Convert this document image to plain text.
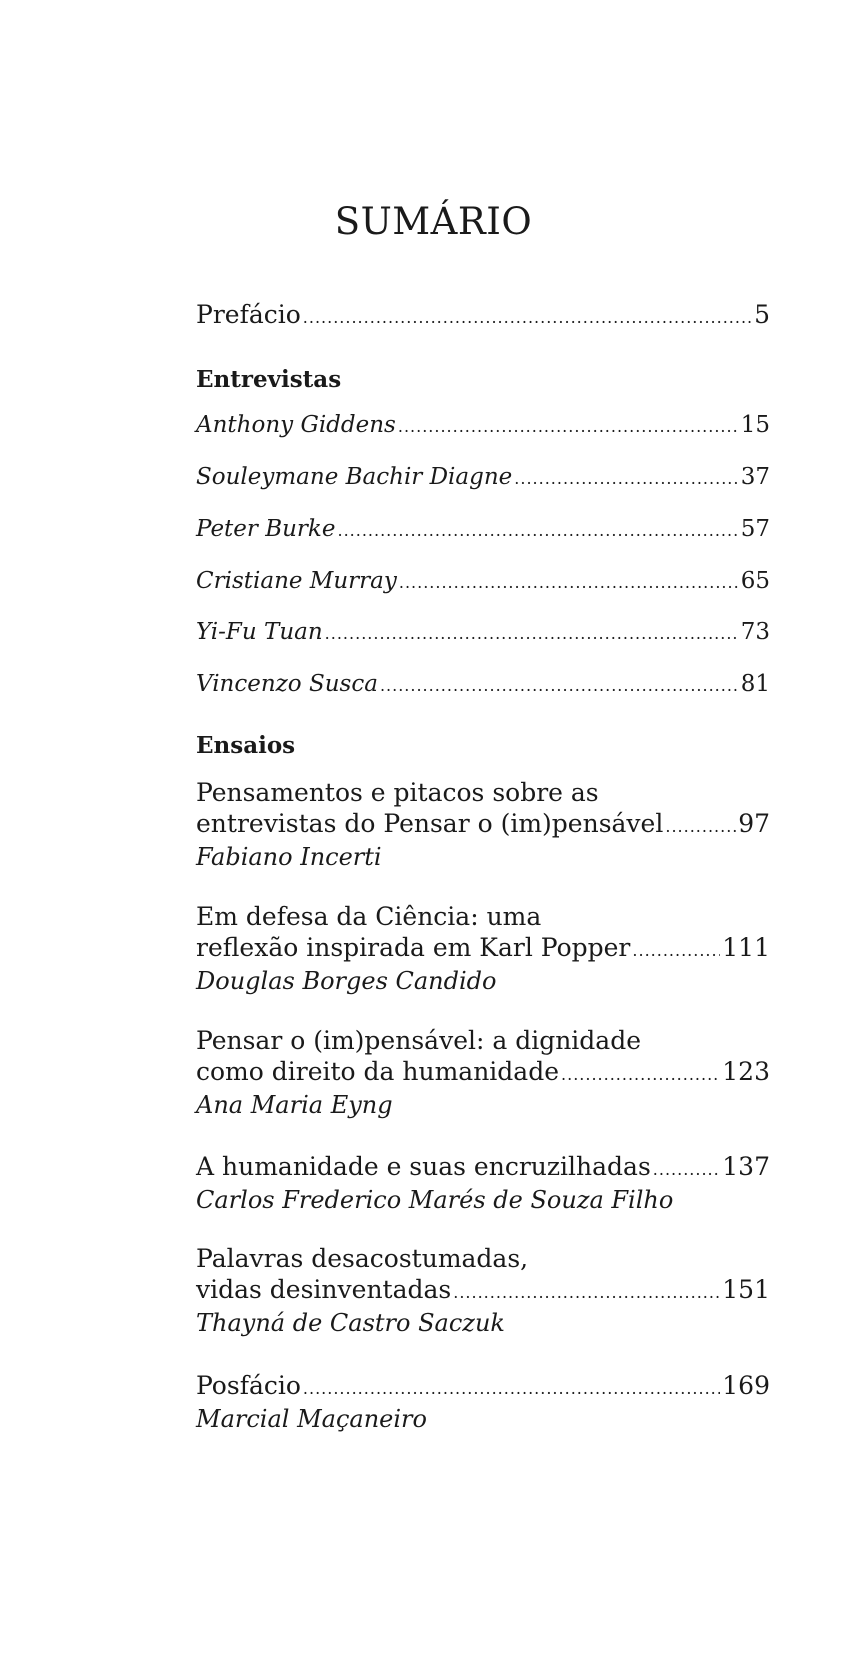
SUMÁRIO
Prefácio .....	5
Entrevistas
Anthony Giddens .....	15
Souleymane Bachir Diagne .....	37
Peter Burke .....	57
Cristiane Murray .....	65
Yi-Fu Tuan .....	73
Vincenzo Susca .....	81
Ensaios
Pensamentos e pitacos sobre as
entrevistas do Pensar o (im)pensável .....	97
Fabiano Incerti
Em defesa da Ciência: uma
reflexão inspirada em Karl Popper .....	111
Douglas Borges Candido
Pensar o (im)pensável: a dignidade
como direito da humanidade .....	123
Ana Maria Eyng
A humanidade e suas encruzilhadas .....	137
Carlos Frederico Marés de Souza Filho
Palavras desacostumadas,
vidas desinventadas .....	151
Thayná de Castro Saczuk
Posfácio .....	169
Marcial Maçaneiro
